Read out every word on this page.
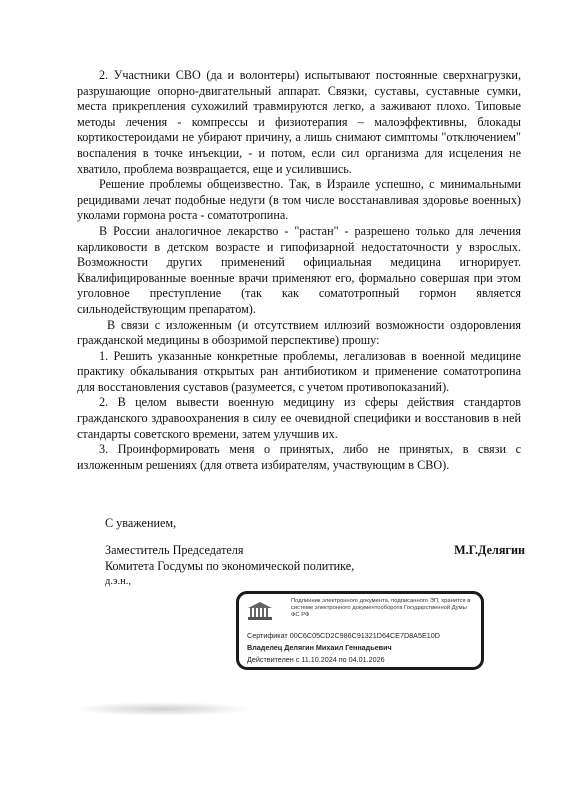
2. Участники СВО (да и волонтеры) испытывают постоянные сверхнагрузки, разрушающие опорно-двигательный аппарат. Связки, суставы, суставные сумки, места прикрепления сухожилий травмируются легко, а заживают плохо. Типовые методы лечения - компрессы и физиотерапия – малоэффективны, блокады кортикостероидами не убирают причину, а лишь снимают симптомы "отключением" воспаления в точке инъекции, - и потом, если сил организма для исцеления не хватило, проблема возвращается, еще и усилившись.

Решение проблемы общеизвестно. Так, в Израиле успешно, с минимальными рецидивами лечат подобные недуги (в том числе восстанавливая здоровье военных) уколами гормона роста - соматотропина.

В России аналогичное лекарство - "растан" - разрешено только для лечения карликовости в детском возрасте и гипофизарной недостаточности у взрослых. Возможности других применений официальная медицина игнорирует. Квалифицированные военные врачи применяют его, формально совершая при этом уголовное преступление (так как соматотропный гормон является сильнодействующим препаратом).

В связи с изложенным (и отсутствием иллюзий возможности оздоровления гражданской медицины в обозримой перспективе) прошу:

1. Решить указанные конкретные проблемы, легализовав в военной медицине практику обкалывания открытых ран антибиотиком и применение соматотропина для восстановления суставов (разумеется, с учетом противопоказаний).

2. В целом вывести военную медицину из сферы действия стандартов гражданского здравоохранения в силу ее очевидной специфики и восстановив в ней стандарты советского времени, затем улучшив их.

3. Проинформировать меня о принятых, либо не принятых, в связи с изложенным решениях (для ответа избирателям, участвующим в СВО).

С уважением,
Заместитель Председателя
Комитета Госдумы по экономической политике,
д.э.н.,
М.Г.Делягин
Подлинник электронного документа, подписанного ЭП, хранится в системе электронного документооборота Государственной Думы ФС РФ
Сертификат 00C6C05CD2C986C91321D64CE7D8A5E10D
Владелец Делягин Михаил Геннадьевич
Действителен с 11.10.2024 по 04.01.2026
